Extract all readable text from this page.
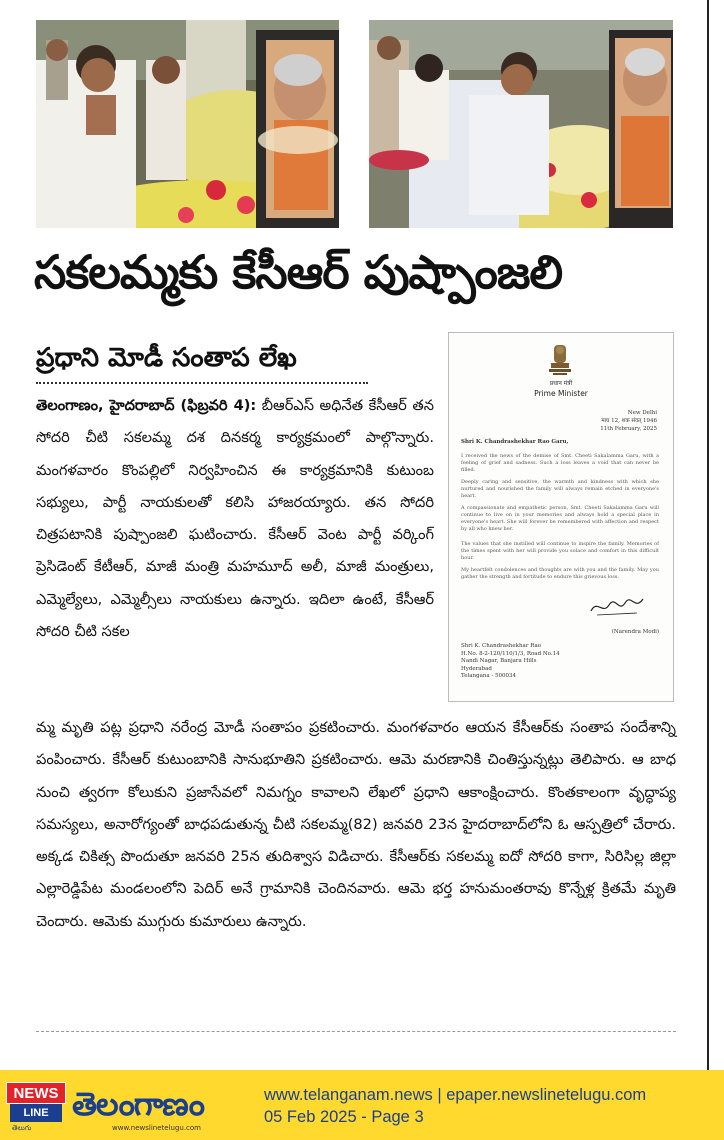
సకలమ్మకు కేసీఆర్ పుష్పాంజలి
ప్రధాని మోడీ సంతాప లేఖ
తెలంగాణం, హైదరాబాద్ (ఫిబ్రవరి 4): బీఆర్‌ఎస్ అధినేత కేసీఆర్ తన సోదరి చీటి సకలమ్మ దశ దినకర్మ కార్యక్రమంలో పాల్గొన్నారు. మంగళవారం కొంపల్లిలో నిర్వహించిన ఈ కార్యక్రమానికి కుటుంబ సభ్యులు, పార్టీ నాయకులతో కలిసి హాజరయ్యారు. తన సోదరి చిత్రపటానికి పుష్పాంజలి ఘటించారు. కేసీఆర్ వెంట పార్టీ వర్కింగ్ ప్రెసిడెంట్ కేటీఆర్, మాజీ మంత్రి మహమూద్ అలీ, మాజీ మంత్రులు, ఎమ్మెల్యేలు, ఎమ్మెల్సీలు నాయకులు ఉన్నారు. ఇదిలా ఉంటే, కేసీఆర్ సోదరి చీటి సకల
మ్మ మృతి పట్ల ప్రధాని నరేంద్ర మోడీ సంతాపం ప్రకటించారు. మంగళవారం ఆయన కేసీఆర్‌కు సంతాప సందేశాన్ని పంపించారు. కేసీఆర్ కుటుంబానికి సానుభూతిని ప్రకటించారు. ఆమె మరణానికి చింతిస్తున్నట్లు తెలిపారు. ఆ బాధ నుంచి త్వరగా కోలుకుని ప్రజాసేవలో నిమగ్నం కావాలని లేఖలో ప్రధాని ఆకాంక్షించారు. కొంతకాలంగా వృద్ధాప్య సమస్యలు, అనారోగ్యంతో బాధపడుతున్న చీటి సకలమ్మ(82) జనవరి 23న హైదరాబాద్‌లోని ఓ ఆస్పత్రిలో చేరారు. అక్కడ చికిత్స పొందుతూ జనవరి 25న తుదిశ్వాస విడిచారు. కేసీఆర్‌కు సకలమ్మ ఐదో సోదరి కాగా, సిరిసిల్ల జిల్లా ఎల్లారెడ్డిపేట మండలంలోని పెదిర్ అనే గ్రామానికి చెందినవారు. ఆమె భర్త హనుమంతరావు కొన్నేళ్ల క్రితమే మృతి చెందారు. ఆమెకు ముగ్గురు కుమారులు ఉన్నారు.
प्रधान मंत्री
Prime Minister
New Delhi
माघ 12, शक संवत् 1946
11th February, 2025
Shri K. Chandrashekhar Rao Garu,
I received the news of the demise of Smt. Cheeti Sakalamma Garu, with a feeling of grief and sadness. Such a loss leaves a void that can never be filled.
Deeply caring and sensitive, the warmth and kindness with which she nurtured and nourished the family will always remain etched in everyone's heart.
A compassionate and empathetic person, Smt. Cheeti Sakalamma Garu will continue to live on in your memories and always hold a special place in everyone's heart. She will forever be remembered with affection and respect by all who knew her.
The values that she instilled will continue to inspire the family. Memories of the times spent with her will provide you solace and comfort in this difficult hour.
My heartfelt condolences and thoughts are with you and the family. May you gather the strength and fortitude to endure this grievous loss.
(Narendra Modi)
Shri K. Chandrashekhar Rao
H.No. 8-2-120/110/1/3, Road No.14
Nandi Nagar, Banjara Hills
Hyderabad
Telangana - 500034
NEWS
LINE
తెలుగు
తెలంగాణం
www.newslinetelugu.com
www.telanganam.news | epaper.newslinetelugu.com
05 Feb 2025 - Page 3
